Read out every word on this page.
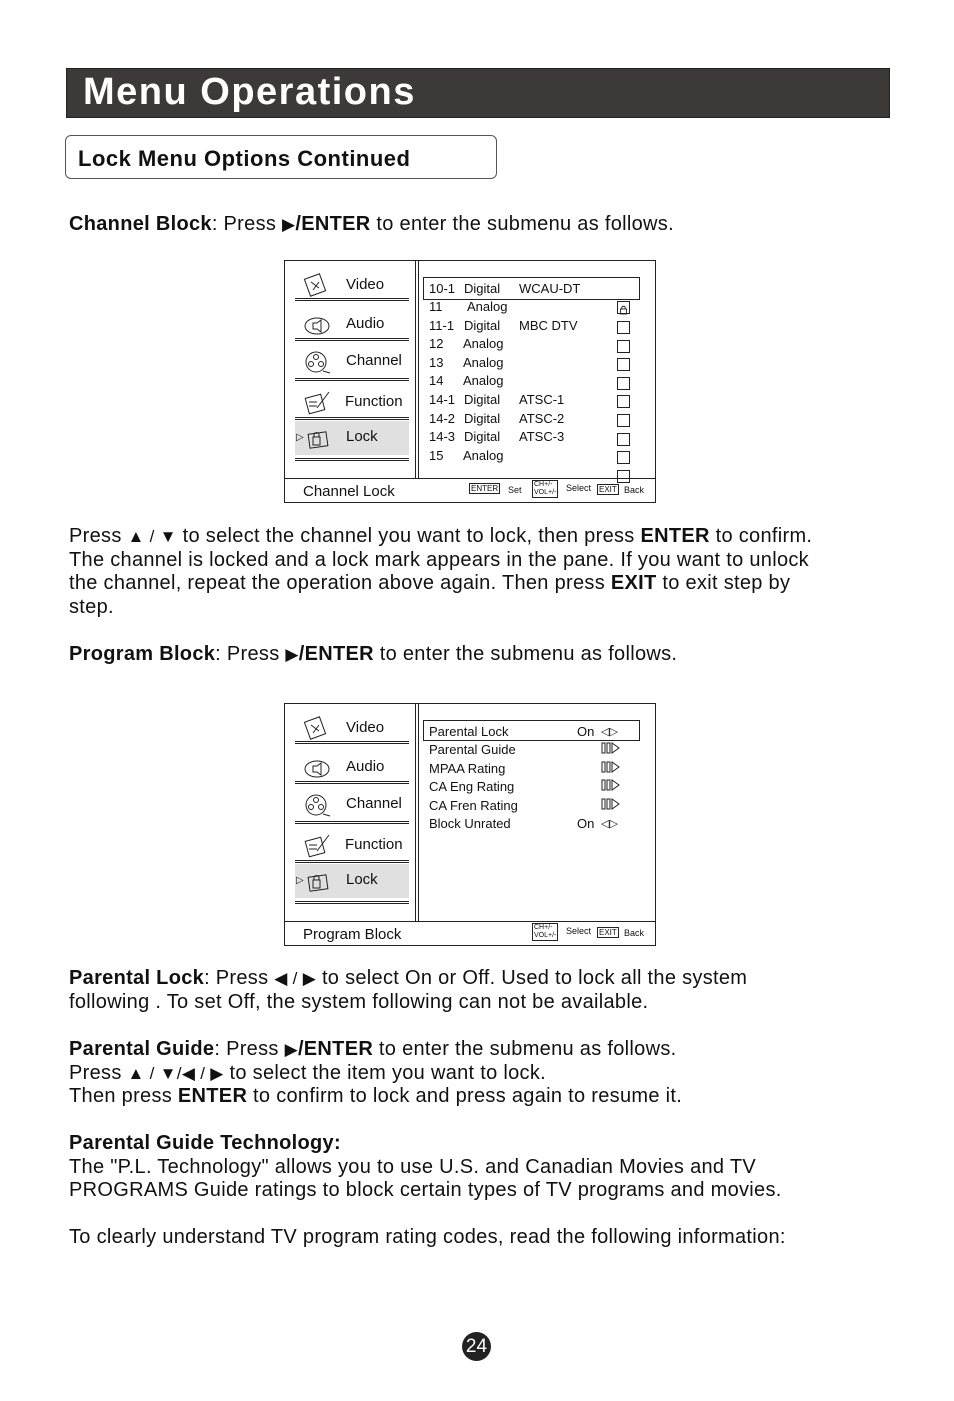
Menu Operations
Lock Menu Options Continued
Channel Block: Press ▶/ENTER to enter the submenu as follows.
Video
Audio
Channel
Function
▷	Lock
10-1 Digital WCAU-DT
11 Analog
11-1 Digital MBC DTV
12 Analog
13 Analog
14 Analog
14-1 Digital ATSC-1
14-2 Digital ATSC-2
14-3 Digital ATSC-3
15 Analog
Channel Lock	ENTER Set
CH+/-
VOL+/- Select EXIT Back
Press ▲ / ▼ to select the channel you want to lock, then press ENTER to confirm.
The channel is locked and a lock mark appears in the pane. If you want to unlock
the channel, repeat the operation above again. Then press EXIT to exit step by
step.
Program Block: Press ▶/ENTER to enter the submenu as follows.
Video
Audio
Channel
Function
▷	Lock
Parental Lock	On ◁▷
Parental Guide
MPAA Rating
CA Eng Rating
CA Fren Rating
Block Unrated	On ◁▷
Program Block	CH+/-
VOL+/- Select EXIT Back
Parental Lock: Press ◀ / ▶ to select On or Off. Used to lock all the system
following . To set Off, the system following can not be available.
Parental Guide: Press ▶/ENTER to enter the submenu as follows.
Press ▲ / ▼/◀ / ▶ to select the item you want to lock.
Then press ENTER to confirm to lock and press again to resume it.
Parental Guide Technology:
The "P.L. Technology" allows you to use U.S. and Canadian Movies and TV
PROGRAMS Guide ratings to block certain types of TV programs and movies.
To clearly understand TV program rating codes, read the following information:
24
